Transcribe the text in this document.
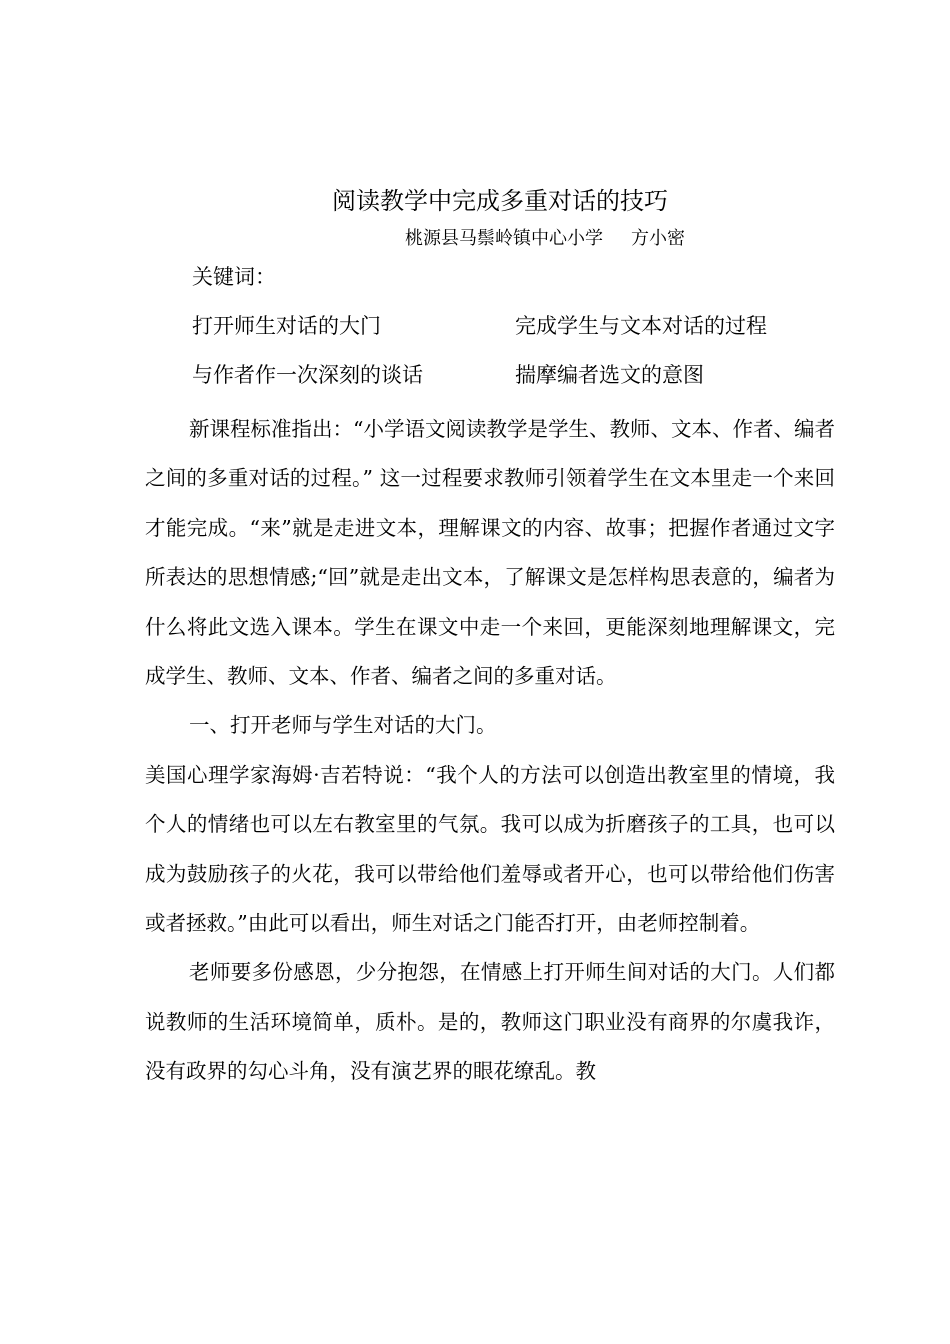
阅读教学中完成多重对话的技巧
桃源县马鬃岭镇中心小学 方小密
关键词：
打开师生对话的大门	完成学生与文本对话的过程
与作者作一次深刻的谈话	揣摩编者选文的意图

新课程标准指出：“小学语文阅读教学是学生、教师、文本、作者、编者之间的多重对话的过程。” 这一过程要求教师引领着学生在文本里走一个来回才能完成。“来”就是走进文本，理解课文的内容、故事；把握作者通过文字所表达的思想情感;“回”就是走出文本，了解课文是怎样构思表意的，编者为什么将此文选入课本。学生在课文中走一个来回，更能深刻地理解课文，完成学生、教师、文本、作者、编者之间的多重对话。

一、打开老师与学生对话的大门。

美国心理学家海姆·吉若特说：“我个人的方法可以创造出教室里的情境，我个人的情绪也可以左右教室里的气氛。我可以成为折磨孩子的工具，也可以成为鼓励孩子的火花，我可以带给他们羞辱或者开心，也可以带给他们伤害或者拯救。”由此可以看出，师生对话之门能否打开，由老师控制着。

老师要多份感恩，少分抱怨，在情感上打开师生间对话的大门。人们都说教师的生活环境简单，质朴。是的，教师这门职业没有商界的尔虞我诈，没有政界的勾心斗角，没有演艺界的眼花缭乱。教
